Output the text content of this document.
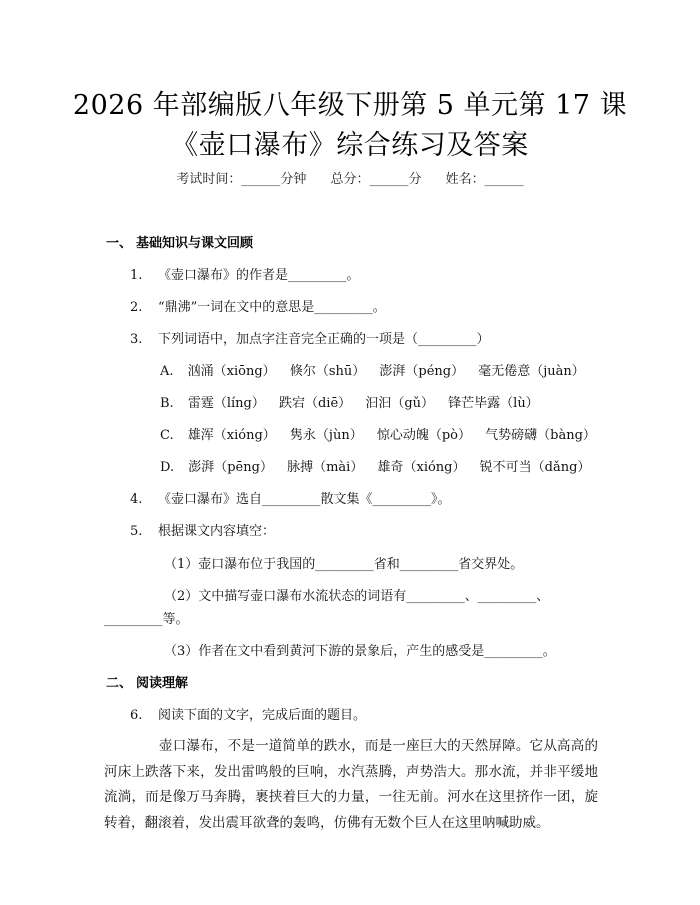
2026 年部编版八年级下册第 5 单元第 17 课
《壶口瀑布》综合练习及答案
考试时间：______分钟 总分：______分 姓名：______
一、 基础知识与课文回顾
1. 《壶口瀑布》的作者是_________。
2. “鼎沸”一词在文中的意思是_________。
3. 下列词语中，加点字注音完全正确的一项是（_________）
A. 汹涌（xiōng） 倏尔（shū） 澎湃（péng） 毫无倦意（juàn）
B. 雷霆（líng） 跌宕（diē） 汩汩（gǔ） 锋芒毕露（lù）
C. 雄浑（xióng） 隽永（jùn） 惊心动魄（pò） 气势磅礴（bàng）
D. 澎湃（pēng） 脉搏（mài） 雄奇（xióng） 锐不可当（dǎng）
4. 《壶口瀑布》选自_________散文集《_________》。
5. 根据课文内容填空：
（1）壶口瀑布位于我国的_________省和_________省交界处。
（2）文中描写壶口瀑布水流状态的词语有_________、_________、
_________等。
（3）作者在文中看到黄河下游的景象后，产生的感受是_________。
二、 阅读理解
6. 阅读下面的文字，完成后面的题目。
壶口瀑布，不是一道简单的跌水，而是一座巨大的天然屏障。它从高高的河床上跌落下来，发出雷鸣般的巨响，水汽蒸腾，声势浩大。那水流，并非平缓地流淌，而是像万马奔腾，裹挟着巨大的力量，一往无前。河水在这里挤作一团，旋转着，翻滚着，发出震耳欲聋的轰鸣，仿佛有无数个巨人在这里呐喊助威。
